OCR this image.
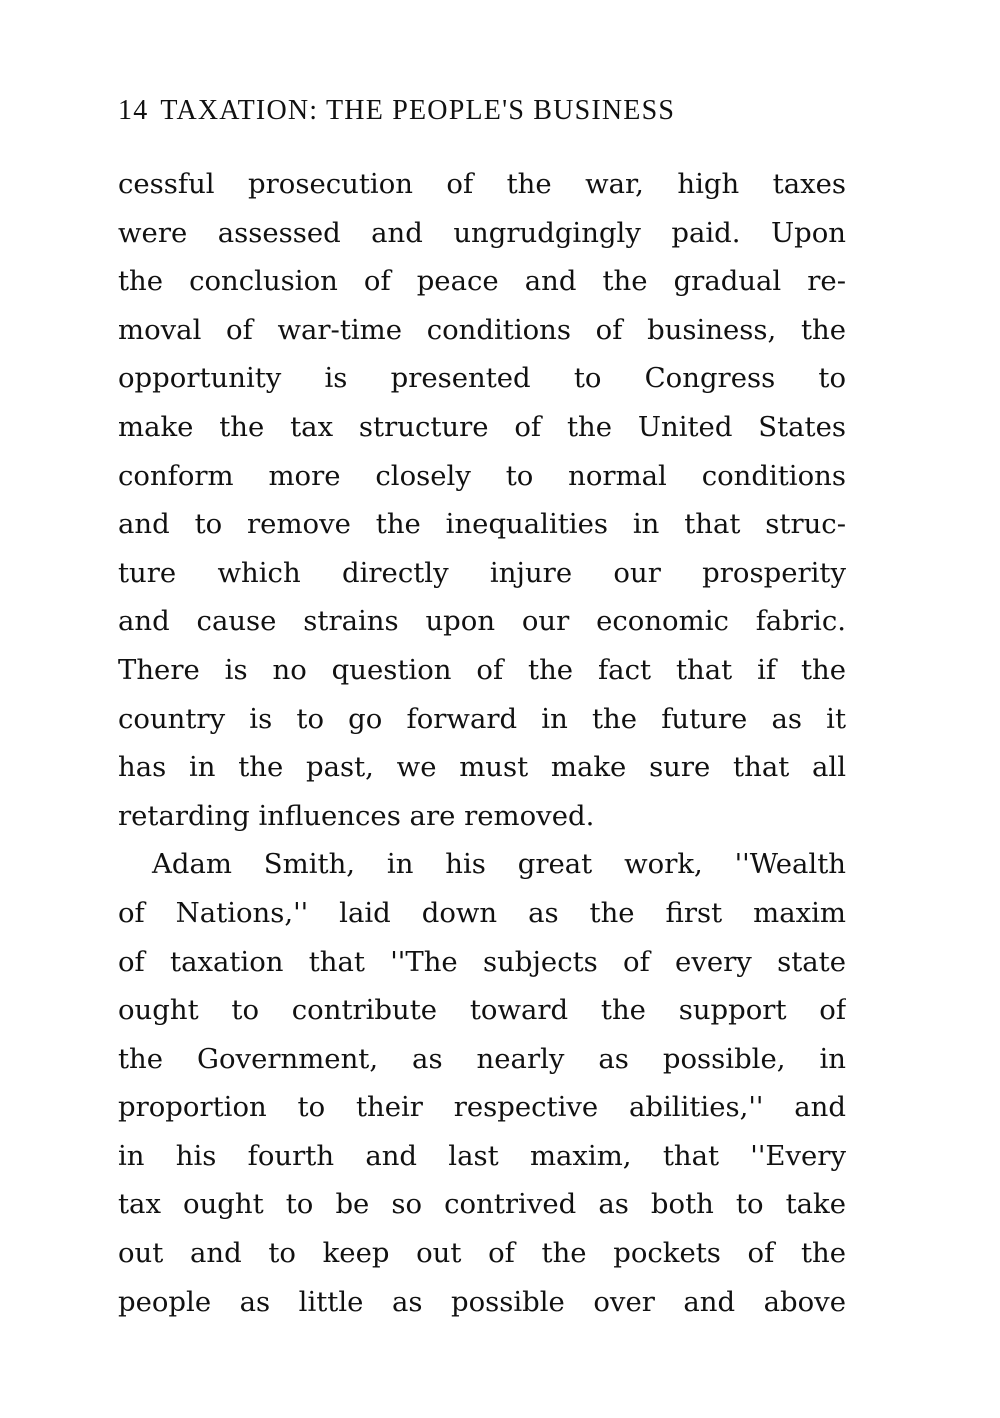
14 TAXATION: THE PEOPLE'S BUSINESS
cessful prosecution of the war, high taxes
were assessed and ungrudgingly paid. Upon
the conclusion of peace and the gradual re-
moval of war-time conditions of business, the
opportunity is presented to Congress to
make the tax structure of the United States
conform more closely to normal conditions
and to remove the inequalities in that struc-
ture which directly injure our prosperity
and cause strains upon our economic fabric.
There is no question of the fact that if the
country is to go forward in the future as it
has in the past, we must make sure that all
retarding influences are removed.
Adam Smith, in his great work, ''Wealth
of Nations,'' laid down as the first maxim
of taxation that ''The subjects of every state
ought to contribute toward the support of
the Government, as nearly as possible, in
proportion to their respective abilities,'' and
in his fourth and last maxim, that ''Every
tax ought to be so contrived as both to take
out and to keep out of the pockets of the
people as little as possible over and above
